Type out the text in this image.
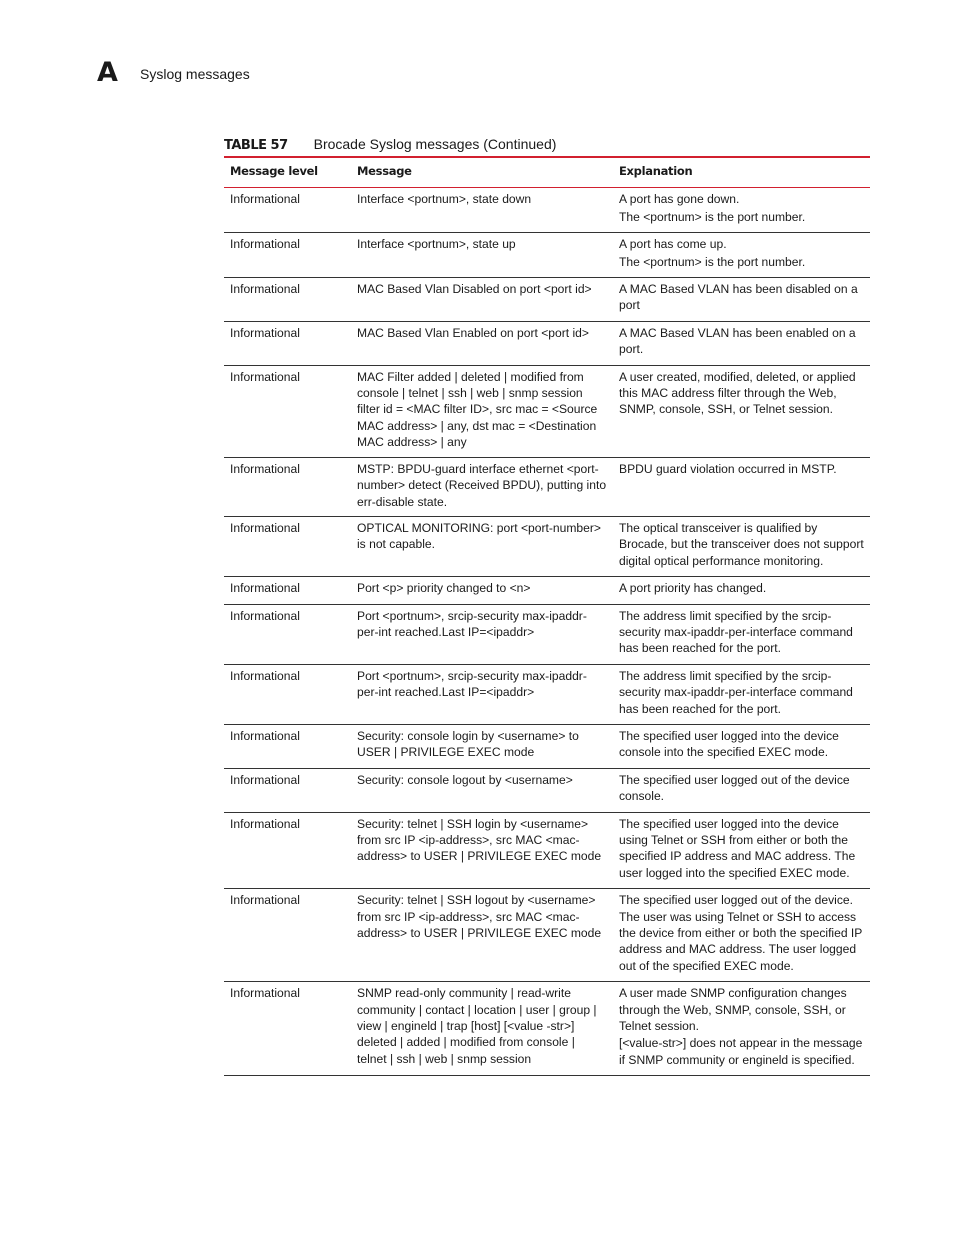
A Syslog messages
TABLE 57 Brocade Syslog messages (Continued)
Message level	Message	Explanation
Informational	Interface <portnum>, state down	A port has gone down.

The <portnum> is the port number.

Informational	Interface <portnum>, state up	A port has come up.

The <portnum> is the port number.

Informational	MAC Based Vlan Disabled on port <port id>	A MAC Based VLAN has been disabled on a port

Informational	MAC Based Vlan Enabled on port <port id>	A MAC Based VLAN has been enabled on a port.

Informational	MAC Filter added | deleted | modified from console | telnet | ssh | web | snmp session filter id = <MAC filter ID>, src mac = <Source MAC address> | any, dst mac = <Destination MAC address> | any	A user created, modified, deleted, or applied this MAC address filter through the Web, SNMP, console, SSH, or Telnet session.

Informational	MSTP: BPDU-guard interface ethernet <port-number> detect (Received BPDU), putting into err-disable state.	BPDU guard violation occurred in MSTP.

Informational	OPTICAL MONITORING: port <port-number> is not capable.	The optical transceiver is qualified by Brocade, but the transceiver does not support digital optical performance monitoring.

Informational	Port <p> priority changed to <n>	A port priority has changed.

Informational	Port <portnum>, srcip-security max-ipaddr-per-int reached.Last IP=<ipaddr>	The address limit specified by the srcip-security max-ipaddr-per-interface command has been reached for the port.

Informational	Port <portnum>, srcip-security max-ipaddr-per-int reached.Last IP=<ipaddr>	The address limit specified by the srcip-security max-ipaddr-per-interface command has been reached for the port.

Informational	Security: console login by <username> to USER | PRIVILEGE EXEC mode	The specified user logged into the device console into the specified EXEC mode.

Informational	Security: console logout by <username>	The specified user logged out of the device console.

Informational	Security: telnet | SSH login by <username> from src IP <ip-address>, src MAC <mac-address> to USER | PRIVILEGE EXEC mode	The specified user logged into the device using Telnet or SSH from either or both the specified IP address and MAC address. The user logged into the specified EXEC mode.

Informational	Security: telnet | SSH logout by <username> from src IP <ip-address>, src MAC <mac-address> to USER | PRIVILEGE EXEC mode	The specified user logged out of the device. The user was using Telnet or SSH to access the device from either or both the specified IP address and MAC address. The user logged out of the specified EXEC mode.

Informational	SNMP read-only community | read-write community | contact | location | user | group | view | engineld | trap [host] [<value -str>] deleted | added | modified from console | telnet | ssh | web | snmp session	A user made SNMP configuration changes through the Web, SNMP, console, SSH, or Telnet session.

[<value-str>] does not appear in the message if SNMP community or engineld is specified.
